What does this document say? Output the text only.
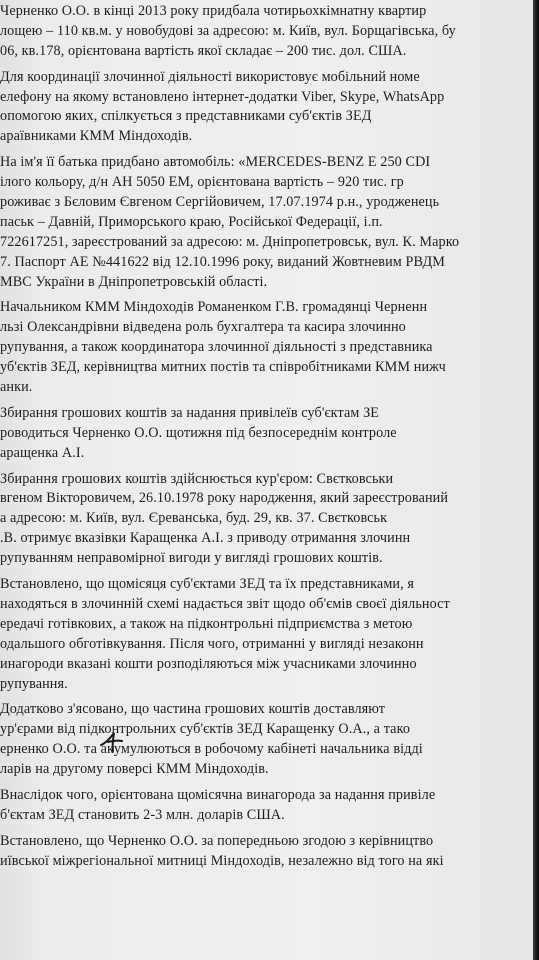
Черненко О.О. в кінці 2013 року придбала чотирьохкімнатну квартир
лощею – 110 кв.м. у новобудові за адресою: м. Київ, вул. Борщагівська, бу
06, кв.178, орієнтована вартість якої складає – 200 тис. дол. США.
Для координації злочинної діяльності використовує мобільний номе
елефону на якому встановлено інтернет-додатки Viber, Skype, WhatsApp
опомогою яких, спілкується з представниками суб'єктів ЗЕД
араївниками КММ Міндоходів.
На ім'я її батька придбано автомобіль: «MERCEDES-BENZ E 250 CDI
ілого кольору, д/н АН 5050 ЕМ, орієнтована вартість – 920 тис. гр
роживає з Бєловим Євгеном Сергійовичем, 17.07.1974 р.н., уродженець
паськ – Давній, Приморського краю, Російської Федерації, і.п.
722617251, зареєстрований за адресою: м. Дніпропетровськ, вул. К. Марко
7. Паспорт АЕ №441622 від 12.10.1996 року, виданий Жовтневим РВДМ
МВС України в Дніпропетровській області.
Начальником КММ Міндоходів Романенком Г.В. громадянці Черненн
льзі Олександрівни відведена роль бухгалтера та касира злочинно
рупування, а також координатора злочинної діяльності з представника
уб'єктів ЗЕД, керівництва митних постів та співробітниками КММ нижч
анки.
Збирання грошових коштів за надання привілеїв суб'єктам ЗЕ
роводиться Черненко О.О. щотижня під безпосереднім контроле
аращенка А.І.
Збирання грошових коштів здійснюється кур'єром: Свєтковськи
вгеном Вікторовичем, 26.10.1978 року народження, який зареєстрований
а адресою: м. Київ, вул. Єреванська, буд. 29, кв. 37. Свєтковськ
.В. отримує вказівки Каращенка А.І. з приводу отримання злочинн
рупуванням неправомірної вигоди у вигляді грошових коштів.
Встановлено, що щомісяця суб'єктами ЗЕД та їх представниками, я
находяться в злочинній схемі надається звіт щодо об'ємів своєї діяльност
ередачі готівкових, а також на підконтрольні підприємства з метою
одальшого обготівкування. Після чого, отриманні у вигляді незаконн
инагороди вказані кошти розподіляються між учасниками злочинно
рупування.
Додатково з'ясовано, що частина грошових коштів доставляют
ур'єрами від підконтрольних суб'єктів ЗЕД Каращенку О.А., а тако
ерненко О.О. та акумулюються в робочому кабінеті начальника відді
ларів на другому поверсі КММ Міндоходів.
Внаслідок чого, орієнтована щомісячна винагорода за надання привіле
б'єктам ЗЕД становить 2-3 млн. доларів США.
Встановлено, що Черненко О.О. за попередньою згодою з керівництво
иївської міжрегіональної митниці Міндоходів, незалежно від того на які
